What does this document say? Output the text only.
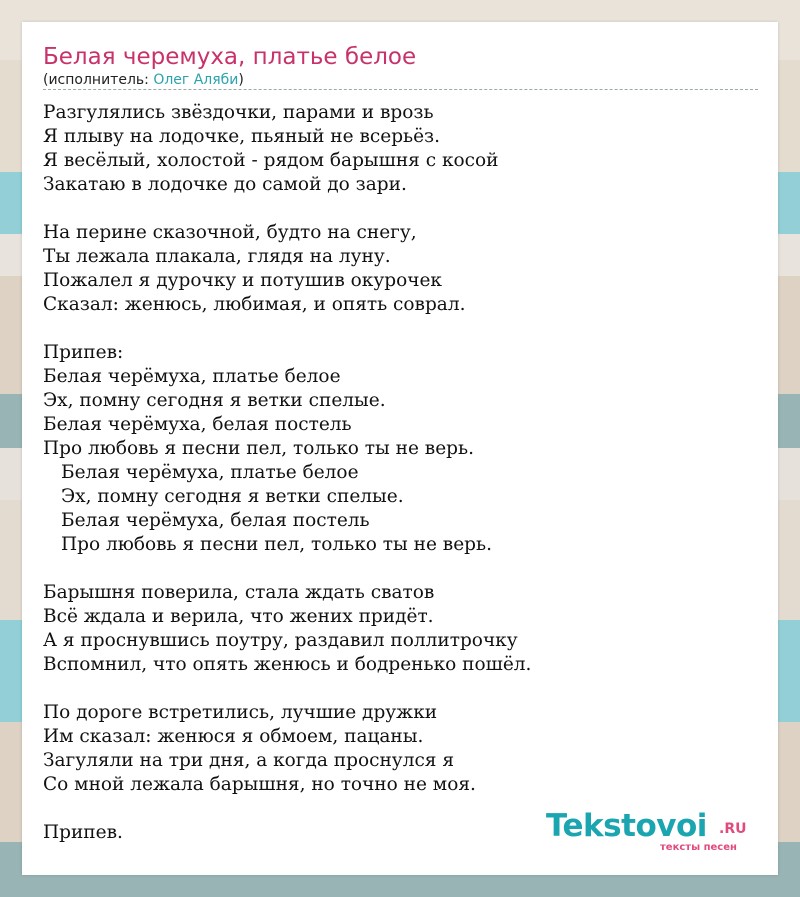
Белая черемуха, платье белое
(исполнитель: Олег Аляби)
Разгулялись звёздочки, парами и врозь
Я плыву на лодочке, пьяный не всерьёз.
Я весёлый, холостой - рядом барышня с косой
Закатаю в лодочке до самой до зари.
На перине сказочной, будто на снегу,
Ты лежала плакала, глядя на луну.
Пожалел я дурочку и потушив окурочек
Сказал: женюсь, любимая, и опять соврал.
Припев:
Белая черёмуха, платье белое
Эх, помну сегодня я ветки спелые.
Белая черёмуха, белая постель
Про любовь я песни пел, только ты не верь.
Белая черёмуха, платье белое
Эх, помну сегодня я ветки спелые.
Белая черёмуха, белая постель
Про любовь я песни пел, только ты не верь.
Барышня поверила, стала ждать сватов
Всё ждала и верила, что жених придёт.
А я проснувшись поутру, раздавил поллитрочку
Вспомнил, что опять женюсь и бодренько пошёл.
По дороге встретились, лучшие дружки
Им сказал: женюся я обмоем, пацаны.
Загуляли на три дня, а когда проснулся я
Со мной лежала барышня, но точно не моя.
Припев.	Tekstovoi .RU
тексты песен
